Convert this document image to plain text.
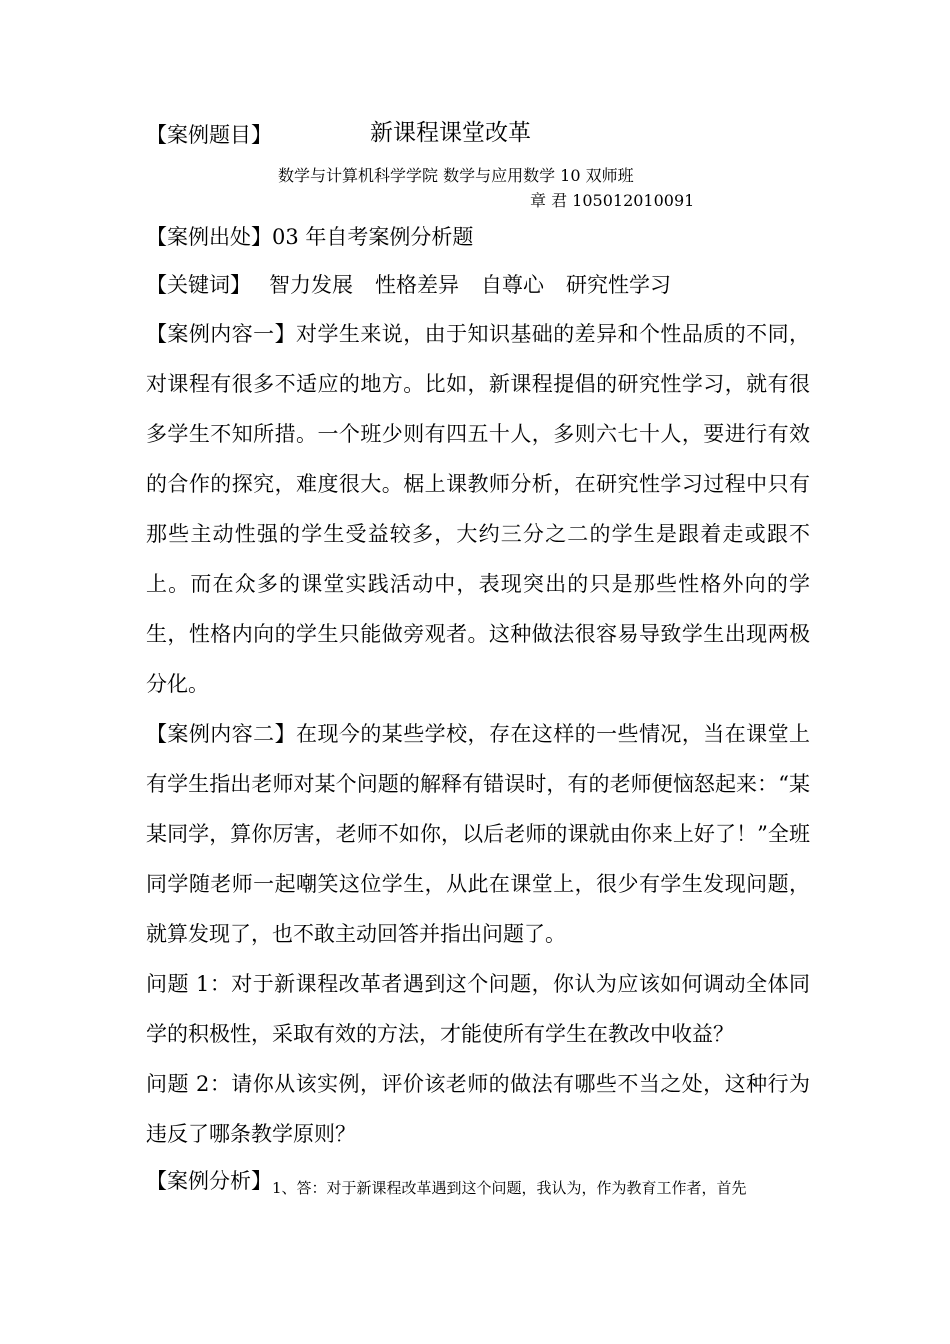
【案例题目】	新课程课堂改革
数学与计算机科学学院 数学与应用数学 10 双师班
章 君 105012010091
【案例出处】03 年自考案例分析题
【关键词】 智力发展 性格差异 自尊心 研究性学习

【案例内容一】对学生来说，由于知识基础的差异和个性品质的不同，对课程有很多不适应的地方。比如，新课程提倡的研究性学习，就有很多学生不知所措。一个班少则有四五十人，多则六七十人，要进行有效的合作的探究，难度很大。椐上课教师分析，在研究性学习过程中只有那些主动性强的学生受益较多，大约三分之二的学生是跟着走或跟不上。而在众多的课堂实践活动中，表现突出的只是那些性格外向的学生，性格内向的学生只能做旁观者。这种做法很容易导致学生出现两极分化。

【案例内容二】在现今的某些学校，存在这样的一些情况，当在课堂上有学生指出老师对某个问题的解释有错误时，有的老师便恼怒起来：“某某同学，算你厉害，老师不如你，以后老师的课就由你来上好了！”全班同学随老师一起嘲笑这位学生，从此在课堂上，很少有学生发现问题，就算发现了，也不敢主动回答并指出问题了。

问题 1：对于新课程改革者遇到这个问题，你认为应该如何调动全体同学的积极性，采取有效的方法，才能使所有学生在教改中收益？

问题 2：请你从该实例，评价该老师的做法有哪些不当之处，这种行为违反了哪条教学原则？

【案例分析】$_{1、答:对于新课程改革遇到这个问题,我认为,作为教育工作者,首先}$
